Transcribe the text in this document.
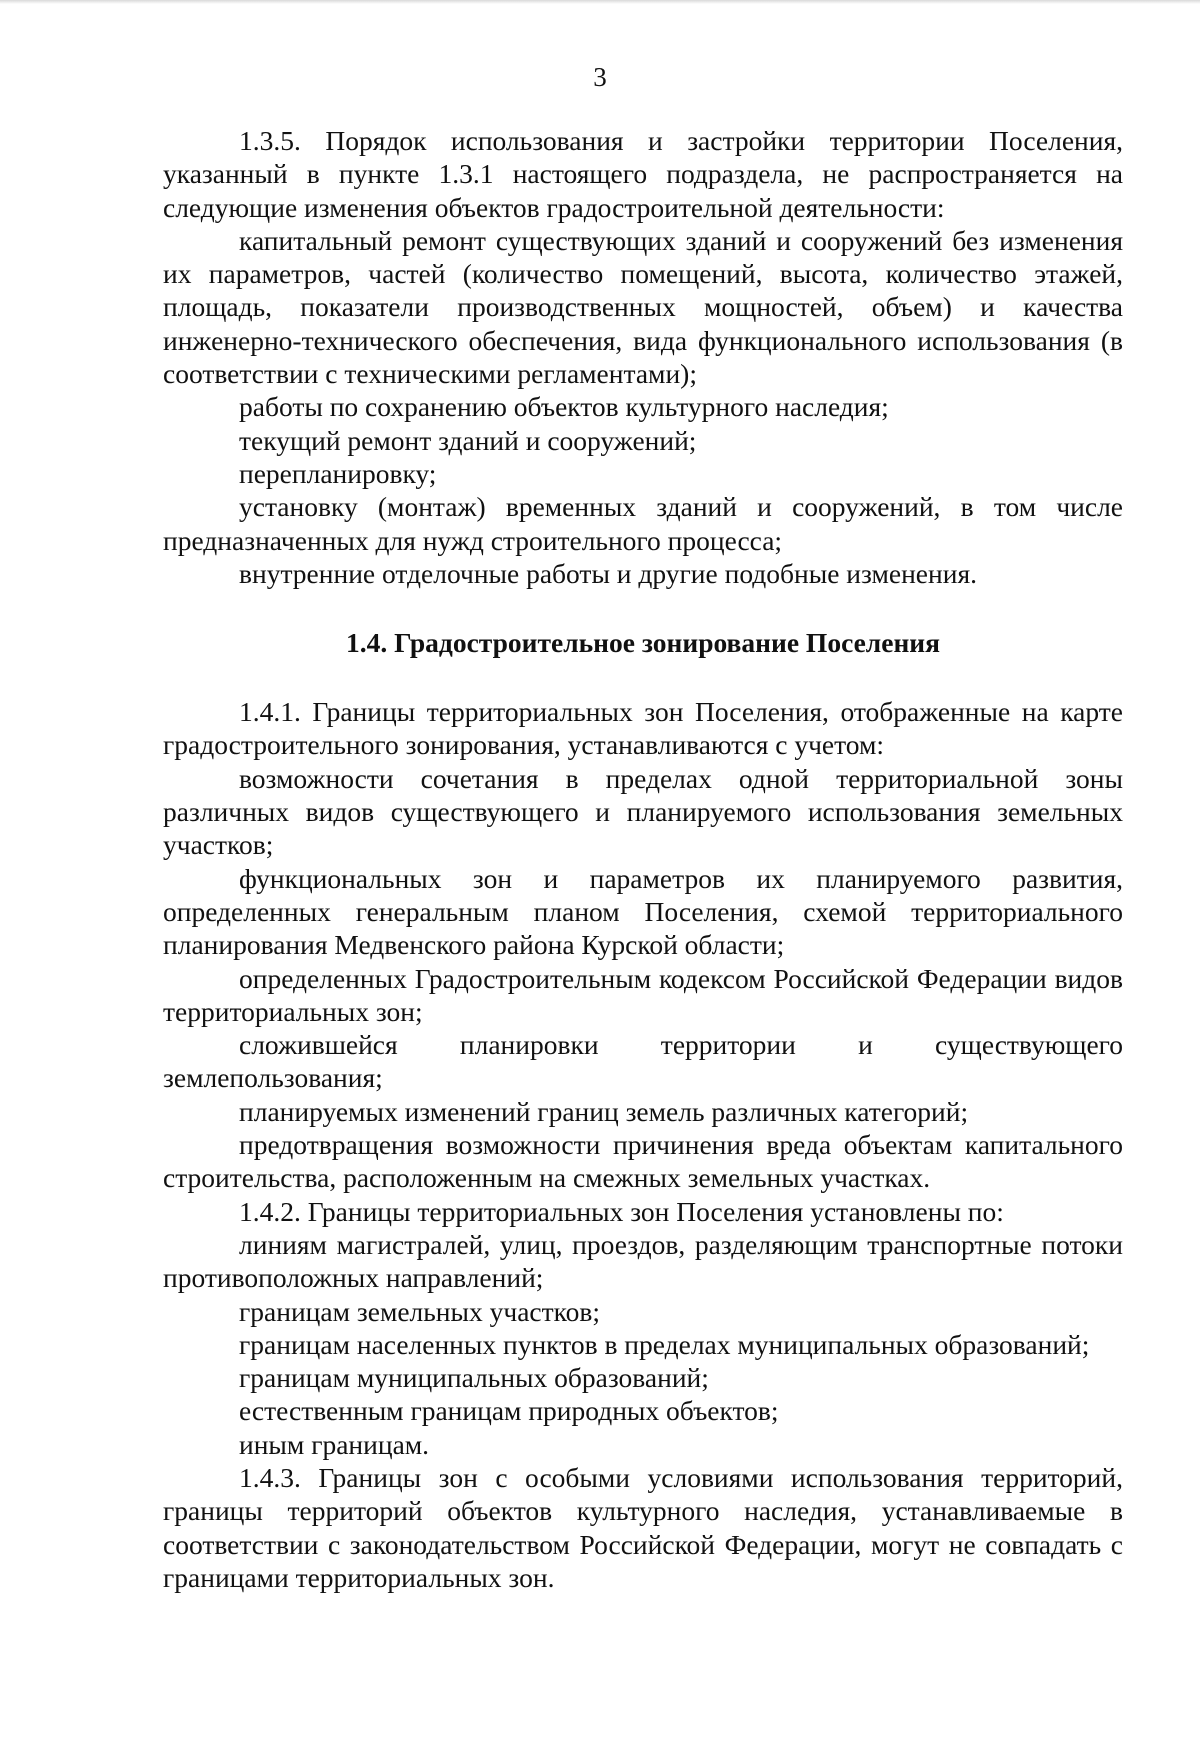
3

1.3.5. Порядок использования и застройки территории Поселения, указанный в пункте 1.3.1 настоящего подраздела, не распространяется на следующие изменения объектов градостроительной деятельности:

капитальный ремонт существующих зданий и сооружений без изменения их параметров, частей (количество помещений, высота, количество этажей, площадь, показатели производственных мощностей, объем) и качества инженерно-технического обеспечения, вида функционального использования (в соответствии с техническими регламентами);

работы по сохранению объектов культурного наследия;

текущий ремонт зданий и сооружений;

перепланировку;

установку (монтаж) временных зданий и сооружений, в том числе предназначенных для нужд строительного процесса;

внутренние отделочные работы и другие подобные изменения.

1.4. Градостроительное зонирование Поселения

1.4.1. Границы территориальных зон Поселения, отображенные на карте градостроительного зонирования, устанавливаются с учетом:

возможности сочетания в пределах одной территориальной зоны различных видов существующего и планируемого использования земельных участков;

функциональных зон и параметров их планируемого развития, определенных генеральным планом Поселения, схемой территориального планирования Медвенского района Курской области;

определенных Градостроительным кодексом Российской Федерации видов территориальных зон;

сложившейся планировки территории и существующего землепользования;

планируемых изменений границ земель различных категорий;

предотвращения возможности причинения вреда объектам капитального строительства, расположенным на смежных земельных участках.

1.4.2. Границы территориальных зон Поселения установлены по:

линиям магистралей, улиц, проездов, разделяющим транспортные потоки противоположных направлений;

границам земельных участков;

границам населенных пунктов в пределах муниципальных образований;

границам муниципальных образований;

естественным границам природных объектов;

иным границам.

1.4.3. Границы зон с особыми условиями использования территорий, границы территорий объектов культурного наследия, устанавливаемые в соответствии с законодательством Российской Федерации, могут не совпадать с границами территориальных зон.
